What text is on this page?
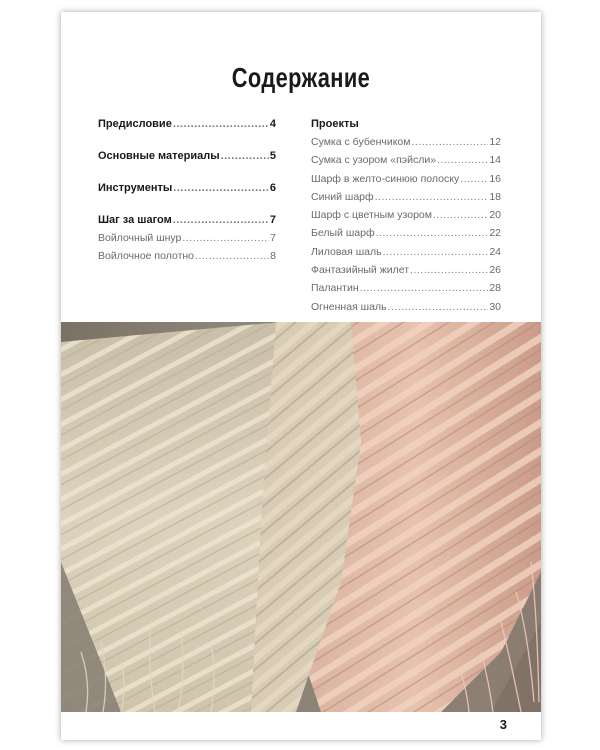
Содержание
Предисловие .....	4
Основные материалы .....	5
Инструменты .....	6
Шаг за шагом .....	7
Войлочный шнур .....	7
Войлочное полотно .....	8
Проекты
Сумка с бубенчиком .....	12
Сумка с узором «пэйсли» .....	14
Шарф в желто-синюю полоску .....	16
Синий шарф .....	18
Шарф с цветным узором .....	20
Белый шарф .....	22
Лиловая шаль .....	24
Фантазийный жилет .....	26
Палантин .....	28
Огненная шаль .....	30
3
